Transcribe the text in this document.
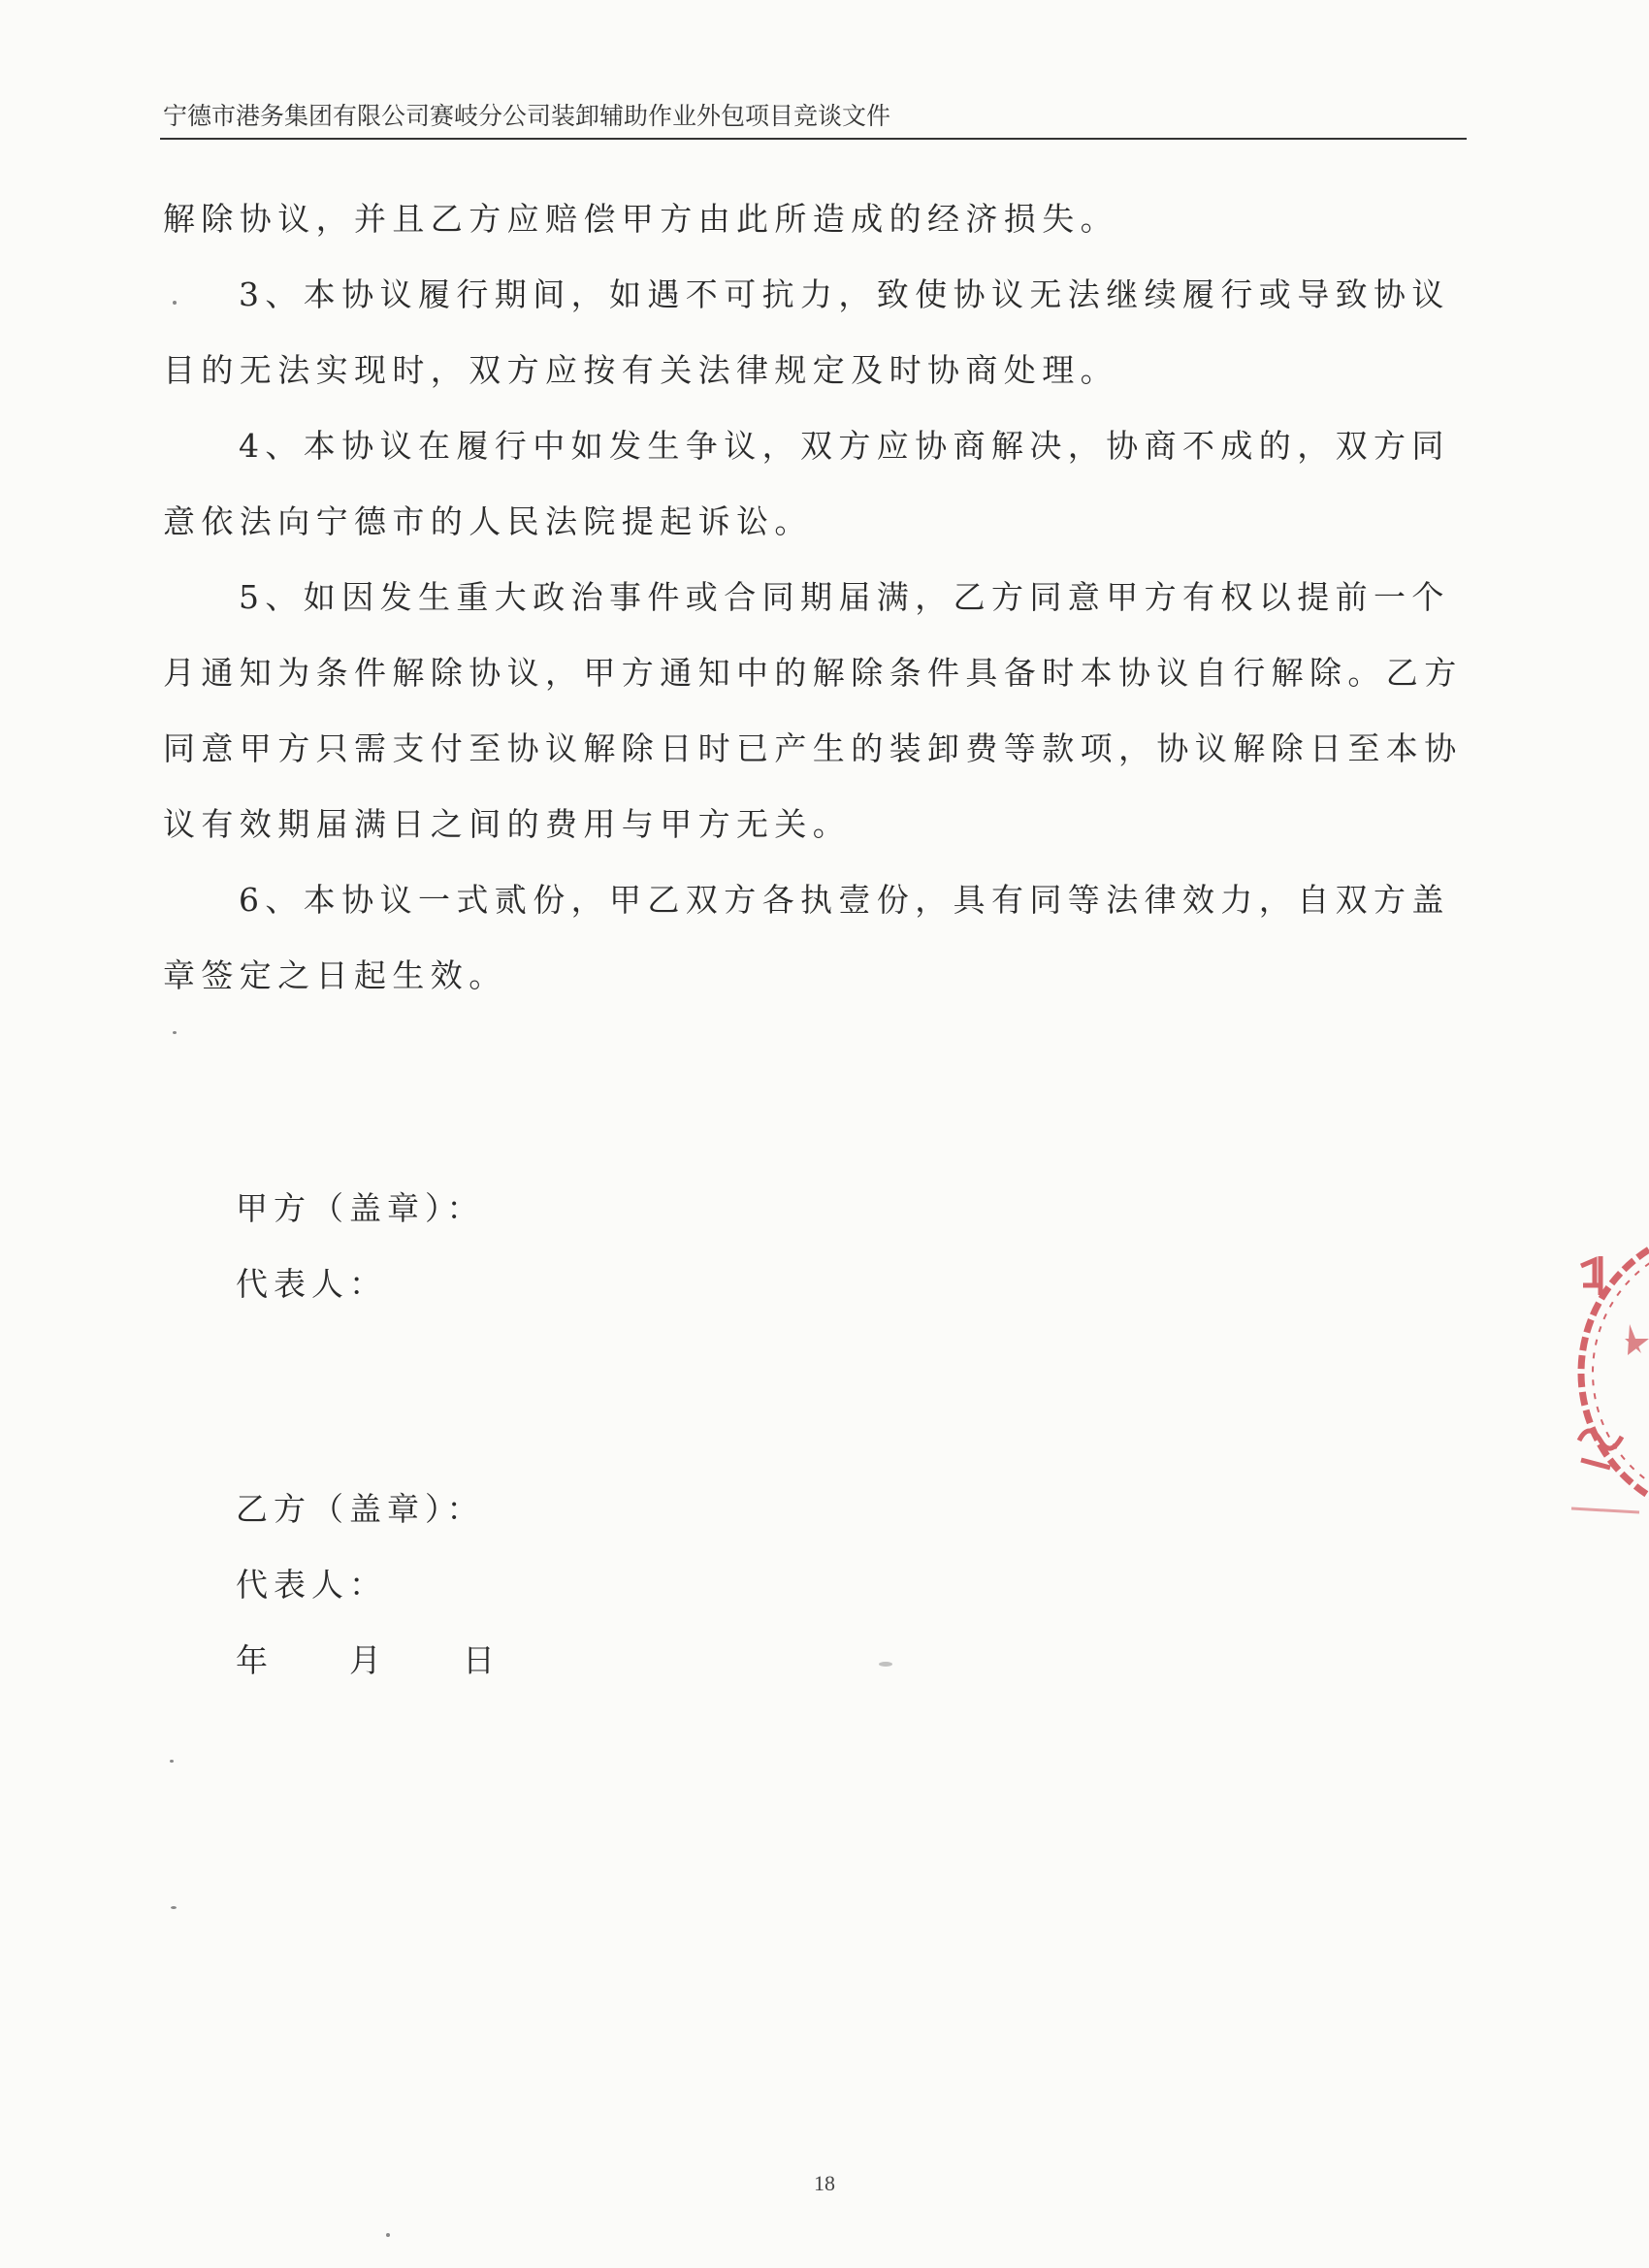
宁德市港务集团有限公司赛岐分公司装卸辅助作业外包项目竞谈文件

解除协议，并且乙方应赔偿甲方由此所造成的经济损失。

3、本协议履行期间，如遇不可抗力，致使协议无法继续履行或导致协议目的无法实现时，双方应按有关法律规定及时协商处理。

4、本协议在履行中如发生争议，双方应协商解决，协商不成的，双方同意依法向宁德市的人民法院提起诉讼。

5、如因发生重大政治事件或合同期届满，乙方同意甲方有权以提前一个月通知为条件解除协议，甲方通知中的解除条件具备时本协议自行解除。乙方同意甲方只需支付至协议解除日时已产生的装卸费等款项，协议解除日至本协议有效期届满日之间的费用与甲方无关。

6、本协议一式贰份，甲乙双方各执壹份，具有同等法律效力，自双方盖章签定之日起生效。

甲方（盖章）：
代表人：
乙方（盖章）：
代表人：
年　　月　　日
18
